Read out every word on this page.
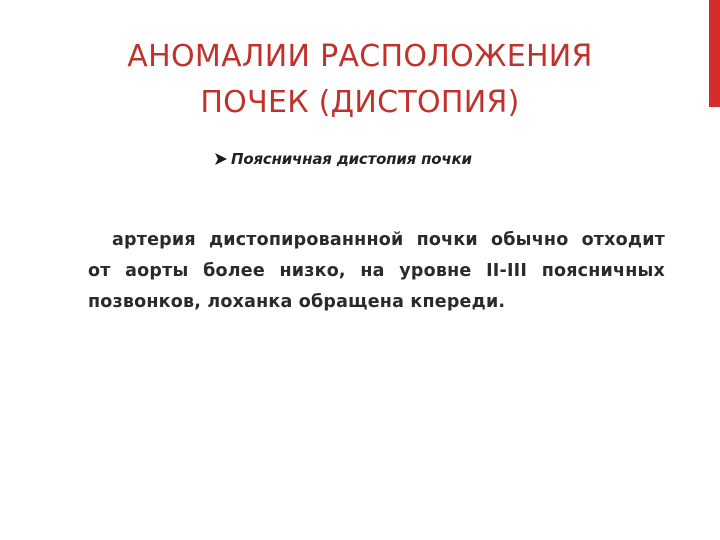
АНОМАЛИИ РАСПОЛОЖЕНИЯ
ПОЧЕК (ДИСТОПИЯ)
Поясничная дистопия почки

артерия дистопированнной почки обычно отходит от аорты более низко, на уровне II-III поясничных позвонков, лоханка обращена кпереди.
